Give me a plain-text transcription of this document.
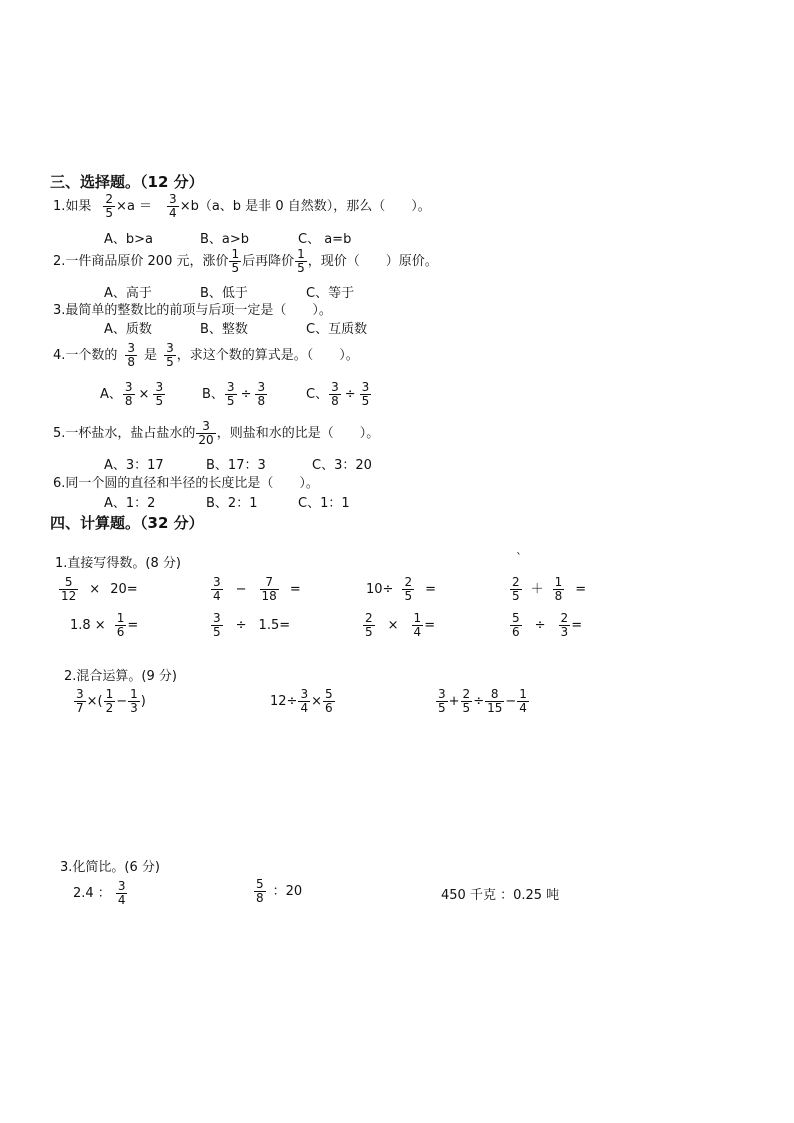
三、选择题。（12 分）
1.如果 $\frac{2}{5} \times a = \frac{3}{4} \times b(a$、b 是非 0 自然数），那么（　　）。
A、b>a	B、a>b	C、 a=b
2.一件商品原价 200 元，涨价 $\frac{1}{5}$ 后再降价 $\frac{1}{5}$ ，现价（　　）原价。
A、高于	B、低于	C、等于
3.最简单的整数比的前项与后项一定是（　　）。
A、质数	B、整数	C、互质数
4.一个数的 $\frac{3}{8}$ 是 $\frac{3}{5}$ ，求这个数的算式是。（　　）。
A、 $\frac{3}{8} \times \frac{3}{5}$	B、 $\frac{3}{5} \div \frac{3}{8}$	C、 $\frac{3}{8} \div \frac{3}{5}$
5.一杯盐水，盐占盐水的 $\frac{3}{20}$ ，则盐和水的比是（　　）。
A、3：17	B、17：3	C、3：20
6.同一个圆的直径和半径的长度比是（　　）。
A、1：2	B、2：1	C、1：1
四、计算题。（32 分）
1.直接写得数。(8 分)	ˋ
$\frac{5}{12} \times 20=$	$\frac{3}{4} - \frac{7}{18}$ =	$10\div \frac{2}{5}$ =	$\frac{2}{5} + \frac{1}{8}$ =
$1.8 \times \frac{1}{6}$ =	$\frac{3}{5} \div 1.5=$	$\frac{2}{5} \times \frac{1}{4}$ =	$\frac{5}{6} \div \frac{2}{3}$ =
2.混合运算。(9 分)
$\frac{3}{7}$ ×( $\frac{1}{2} - \frac{1}{3}$ )	$12\div \frac{3}{4} \times \frac{5}{6}$	$\frac{3}{5} + \frac{2}{5} \div \frac{8}{15} - \frac{1}{4}$
3.化简比。(6 分)
2.4 ： $\frac{3}{4}$	$\frac{5}{8}$ ：20	450 千克 ：0.25 吨
